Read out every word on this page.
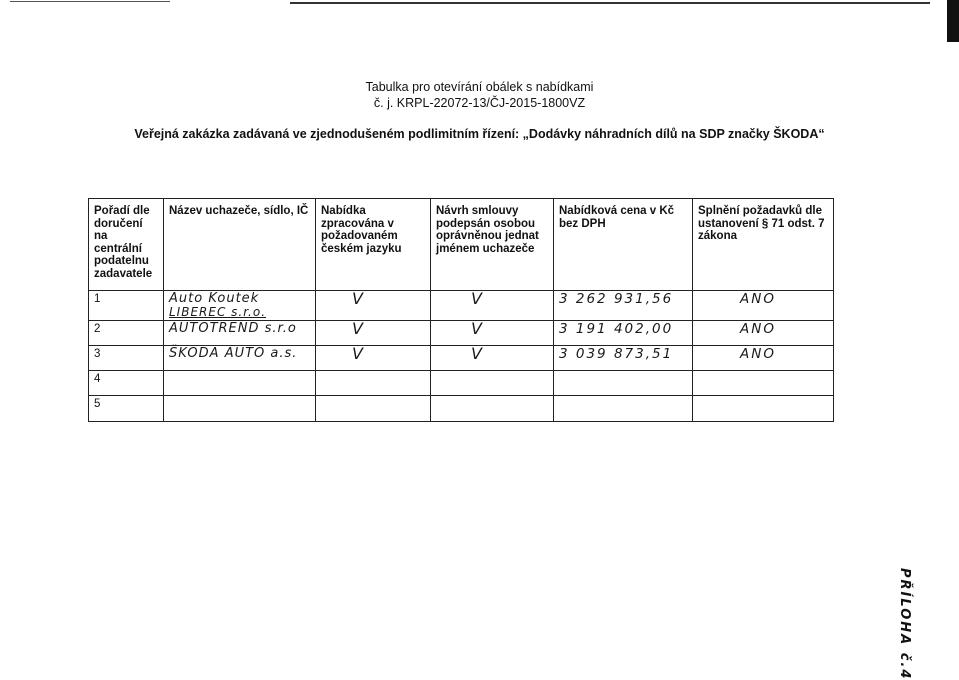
Tabulka pro otevírání obálek s nabídkami
č. j. KRPL-22072-13/ČJ-2015-1800VZ
Veřejná zakázka zadávaná ve zjednodušeném podlimitním řízení: „Dodávky náhradních dílů na SDP značky ŠKODA“
Pořadí dle doručení na centrální podatelnu zadavatele	Název uchazeče, sídlo, IČ	Nabídka zpracována v požadovaném českém jazyku	Návrh smlouvy podepsán osobou oprávněnou jednat jménem uchazeče	Nabídková cena v Kč bez DPH	Splnění požadavků dle ustanovení § 71 odst. 7 zákona
1	Auto Koutek
LIBEREC s.r.o.	V	V	3 262 931,56	ANO

2	AUTOTREND s.r.o	V	V	3 191 402,00	ANO

3	ŠKODA AUTO a.s.	V	V	3 039 873,51	ANO

4					
5					
PŘÍLOHA č.4
